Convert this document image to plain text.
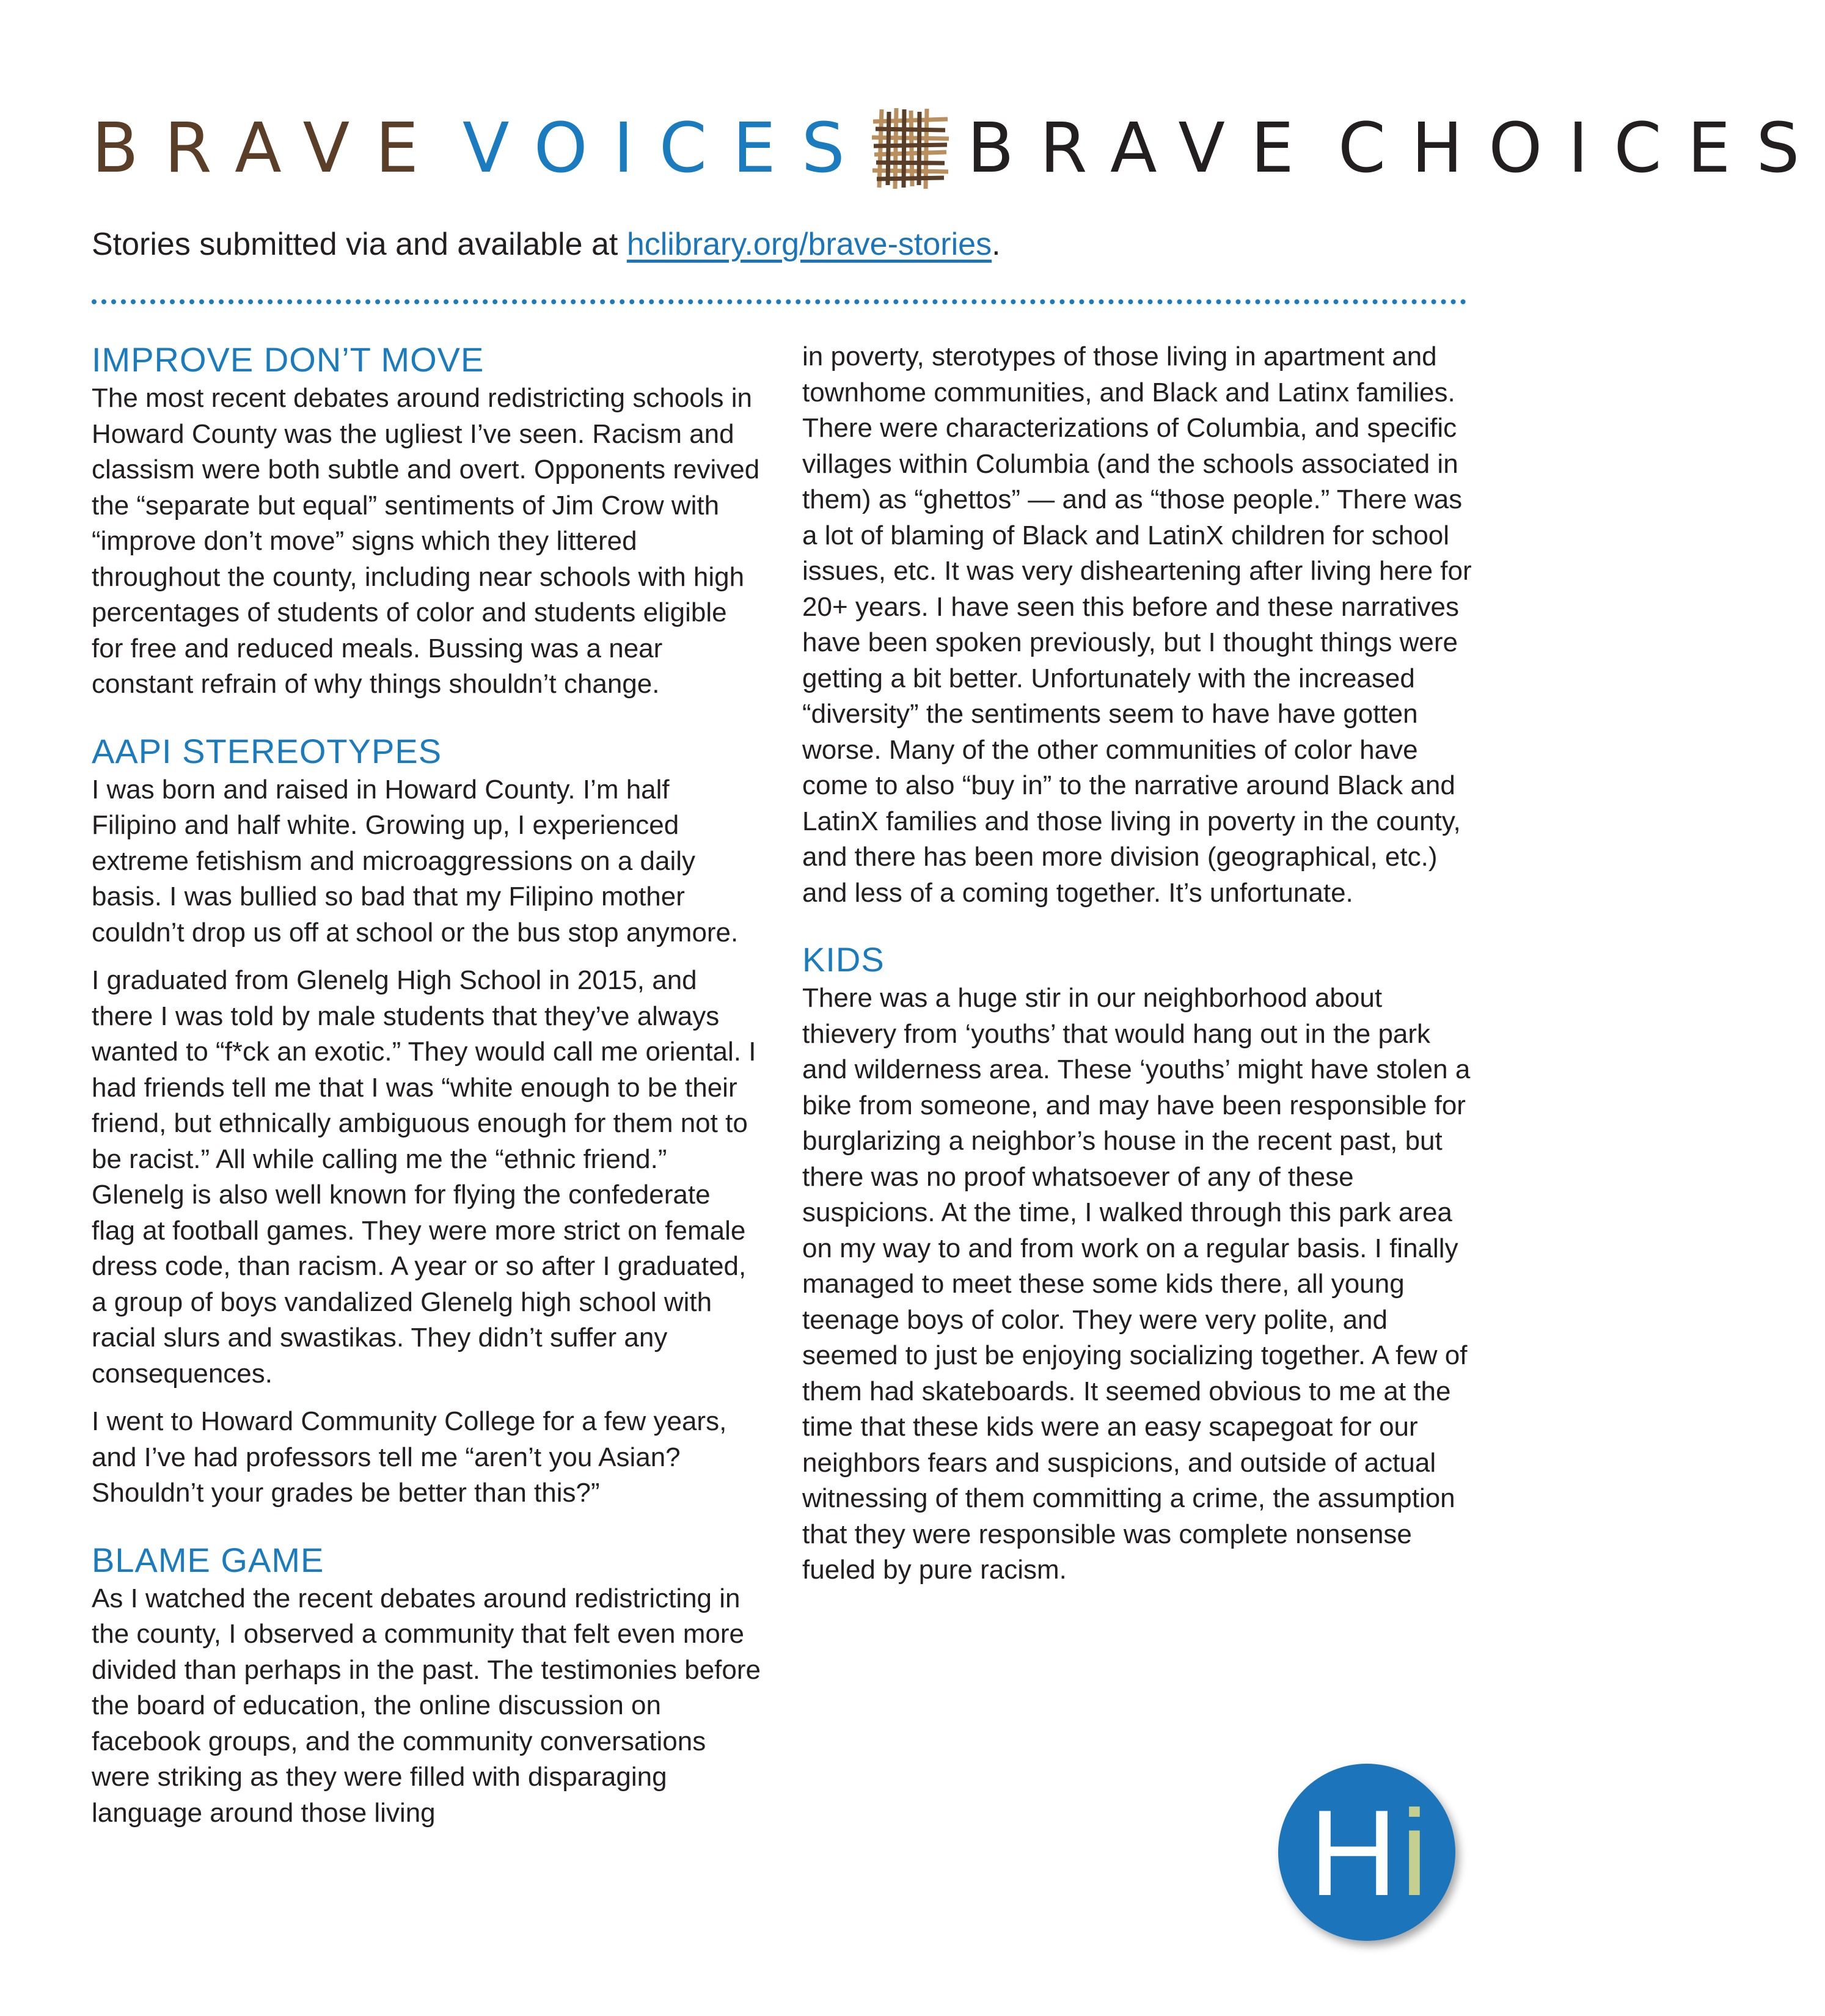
BRAVE VOICES BRAVE CHOICES
Stories submitted via and available at hclibrary.org/brave-stories.
IMPROVE DON’T MOVE

The most recent debates around redistricting schools in Howard County was the ugliest I’ve seen. Racism and classism were both subtle and overt. Opponents revived the “separate but equal” sentiments of Jim Crow with “improve don’t move” signs which they littered throughout the county, including near schools with high percentages of students of color and students eligible for free and reduced meals. Bussing was a near constant refrain of why things shouldn’t change.

AAPI STEREOTYPES

I was born and raised in Howard County. I’m half Filipino and half white. Growing up, I experienced extreme fetishism and microaggressions on a daily basis. I was bullied so bad that my Filipino mother couldn’t drop us off at school or the bus stop anymore.

I graduated from Glenelg High School in 2015, and there I was told by male students that they’ve always wanted to “f*ck an exotic.” They would call me oriental. I had friends tell me that I was “white enough to be their friend, but ethnically ambiguous enough for them not to be racist.” All while calling me the “ethnic friend.” Glenelg is also well known for flying the confederate flag at football games. They were more strict on female dress code, than racism. A year or so after I graduated, a group of boys vandalized Glenelg high school with racial slurs and swastikas. They didn’t suffer any consequences.

I went to Howard Community College for a few years, and I’ve had professors tell me “aren’t you Asian? Shouldn’t your grades be better than this?”

BLAME GAME

As I watched the recent debates around redistricting in the county, I observed a community that felt even more divided than perhaps in the past. The testimonies before the board of education, the online discussion on facebook groups, and the community conversations were striking as they were filled with disparaging language around those living

in poverty, sterotypes of those living in apartment and townhome communities, and Black and Latinx families. There were characterizations of Columbia, and specific villages within Columbia (and the schools associated in them) as “ghettos” — and as “those people.” There was a lot of blaming of Black and LatinX children for school issues, etc. It was very disheartening after living here for 20+ years. I have seen this before and these narratives have been spoken previously, but I thought things were getting a bit better. Unfortunately with the increased “diversity” the sentiments seem to have have gotten worse. Many of the other communities of color have come to also “buy in” to the narrative around Black and LatinX families and those living in poverty in the county, and there has been more division (geographical, etc.) and less of a coming together. It’s unfortunate.

KIDS

There was a huge stir in our neighborhood about thievery from ‘youths’ that would hang out in the park and wilderness area. These ‘youths’ might have stolen a bike from someone, and may have been responsible for burglarizing a neighbor’s house in the recent past, but there was no proof whatsoever of any of these suspicions. At the time, I walked through this park area on my way to and from work on a regular basis. I finally managed to meet these some kids there, all young teenage boys of color. They were very polite, and seemed to just be enjoying socializing together. A few of them had skateboards. It seemed obvious to me at the time that these kids were an easy scapegoat for our neighbors fears and suspicions, and outside of actual witnessing of them committing a crime, the assumption that they were responsible was complete nonsense fueled by pure racism.

H i
